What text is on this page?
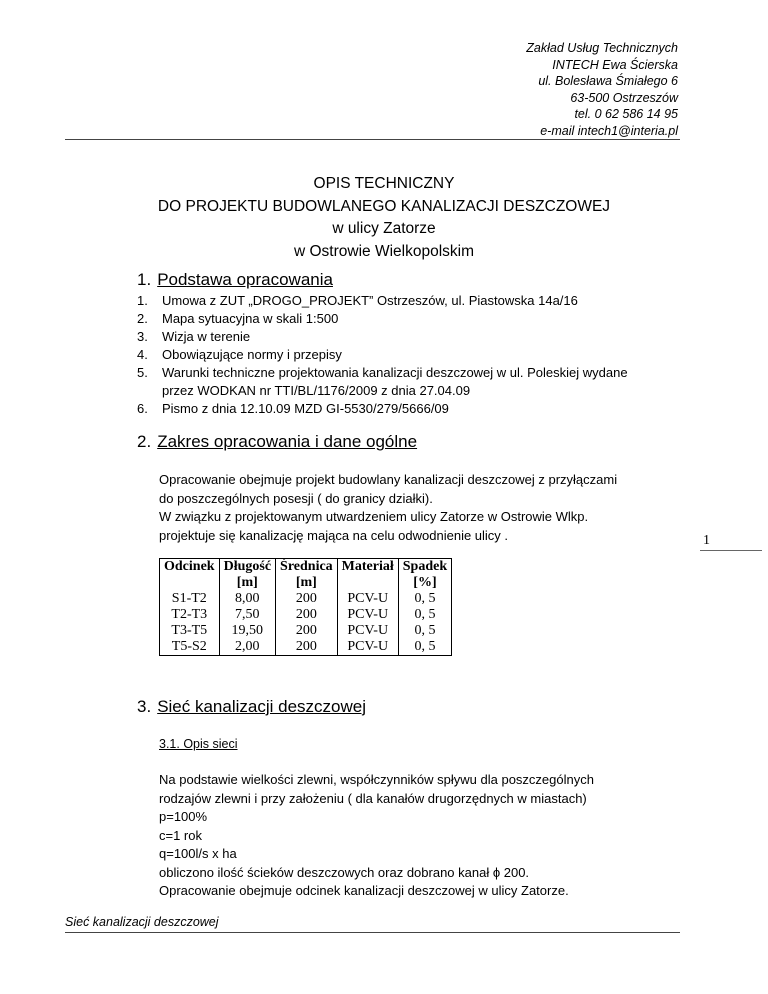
Zakład Usług Technicznych
INTECH Ewa Ścierska
ul. Bolesława Śmiałego 6
63-500 Ostrzeszów
tel. 0 62 586 14 95
e-mail intech1@interia.pl
OPIS TECHNICZNY
DO PROJEKTU BUDOWLANEGO KANALIZACJI DESZCZOWEJ
w ulicy Zatorze
w Ostrowie Wielkopolskim
1. Podstawa opracowania
1. Umowa z ZUT „DROGO_PROJEKT” Ostrzeszów, ul. Piastowska 14a/16
2. Mapa sytuacyjna w skali 1:500
3. Wizja w terenie
4. Obowiązujące normy i przepisy
5. Warunki techniczne projektowania kanalizacji deszczowej w ul. Poleskiej wydane przez WODKAN nr TTI/BL/1176/2009 z dnia 27.04.09
6. Pismo z dnia 12.10.09 MZD GI-5530/279/5666/09
2. Zakres opracowania i dane ogólne
Opracowanie obejmuje projekt budowlany kanalizacji deszczowej z przyłączami
do poszczególnych posesji ( do granicy działki).
W związku z projektowanym utwardzeniem ulicy Zatorze w Ostrowie Wlkp.
projektuje się kanalizację mająca na celu odwodnienie ulicy .
Odcinek	Długość	Średnica	Materiał	Spadek
	[m]	[m]		[%]
S1-T2	8,00	200	PCV-U	0, 5
T2-T3	7,50	200	PCV-U	0, 5
T3-T5	19,50	200	PCV-U	0, 5
T5-S2	2,00	200	PCV-U	0, 5
1
3. Sieć kanalizacji deszczowej
3.1. Opis sieci
Na podstawie wielkości zlewni, współczynników spływu dla poszczególnych
rodzajów zlewni i przy założeniu ( dla kanałów drugorzędnych w miastach)
p=100%
c=1 rok
q=100l/s x ha
obliczono ilość ścieków deszczowych oraz dobrano kanał ϕ 200.
Opracowanie obejmuje odcinek kanalizacji deszczowej w ulicy Zatorze.
Sieć kanalizacji deszczowej
